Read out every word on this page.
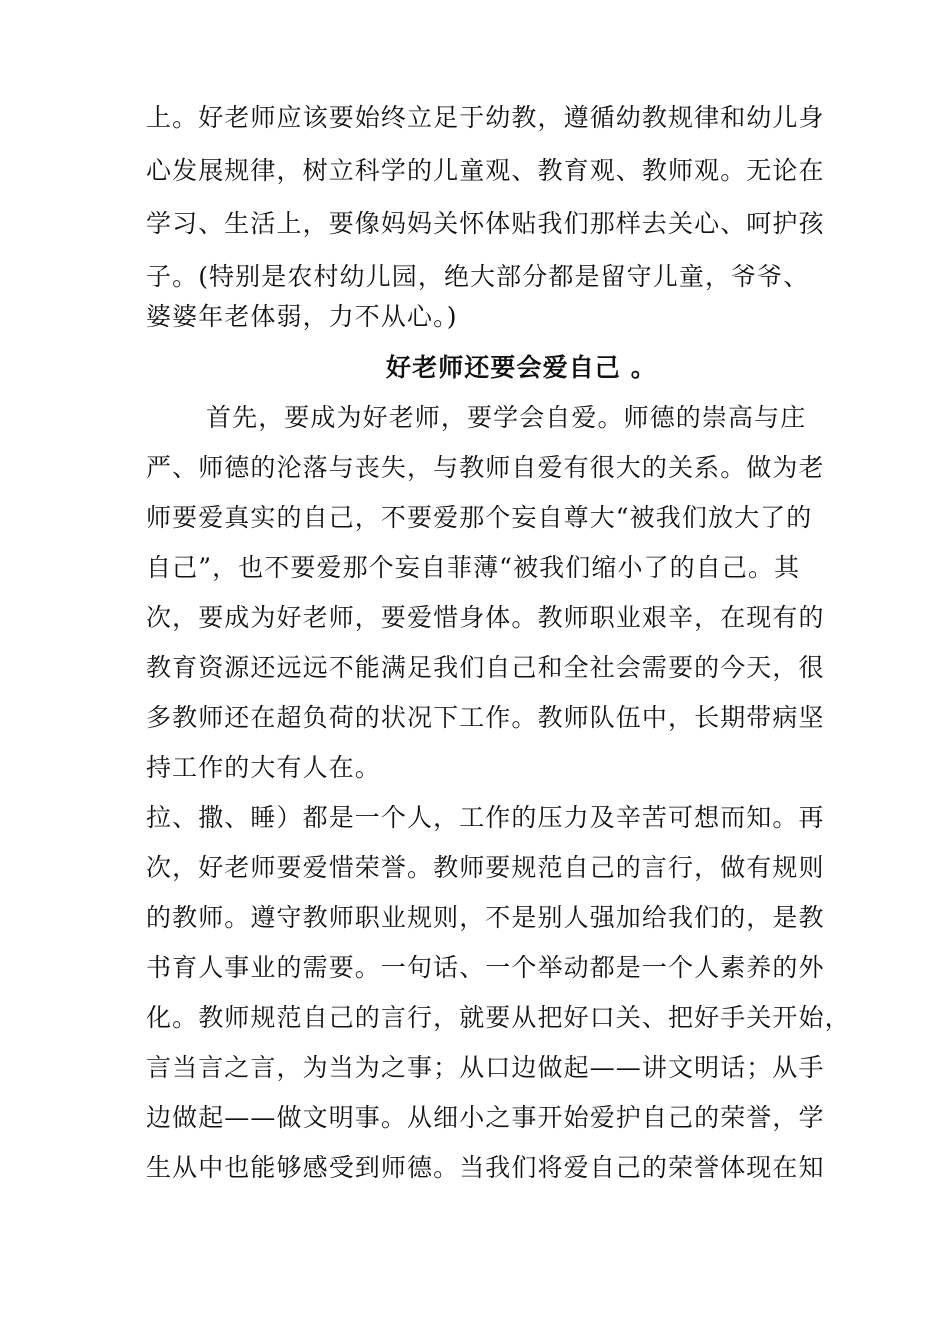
上。好老师应该要始终立足于幼教，遵循幼教规律和幼儿身
心发展规律，树立科学的儿童观、教育观、教师观。无论在
学习、生活上，要像妈妈关怀体贴我们那样去关心、呵护孩
子。(特别是农村幼儿园，绝大部分都是留守儿童，爷爷、
婆婆年老体弱，力不从心。)
好老师还要会爱自己 。
首先，要成为好老师，要学会自爱。师德的崇高与庄
严、师德的沦落与丧失，与教师自爱有很大的关系。做为老
师要爱真实的自己，不要爱那个妄自尊大“被我们放大了的
自己”，也不要爱那个妄自菲薄“被我们缩小了的自己。其
次，要成为好老师，要爱惜身体。教师职业艰辛，在现有的
教育资源还远远不能满足我们自己和全社会需要的今天，很
多教师还在超负荷的状况下工作。教师队伍中，长期带病坚
持工作的大有人在。
拉、撒、睡）都是一个人，工作的压力及辛苦可想而知。再
次，好老师要爱惜荣誉。教师要规范自己的言行，做有规则
的教师。遵守教师职业规则，不是别人强加给我们的，是教
书育人事业的需要。一句话、一个举动都是一个人素养的外
化。教师规范自己的言行，就要从把好口关、把好手关开始，
言当言之言，为当为之事；从口边做起——讲文明话；从手
边做起——做文明事。从细小之事开始爱护自己的荣誉，学
生从中也能够感受到师德。当我们将爱自己的荣誉体现在知
